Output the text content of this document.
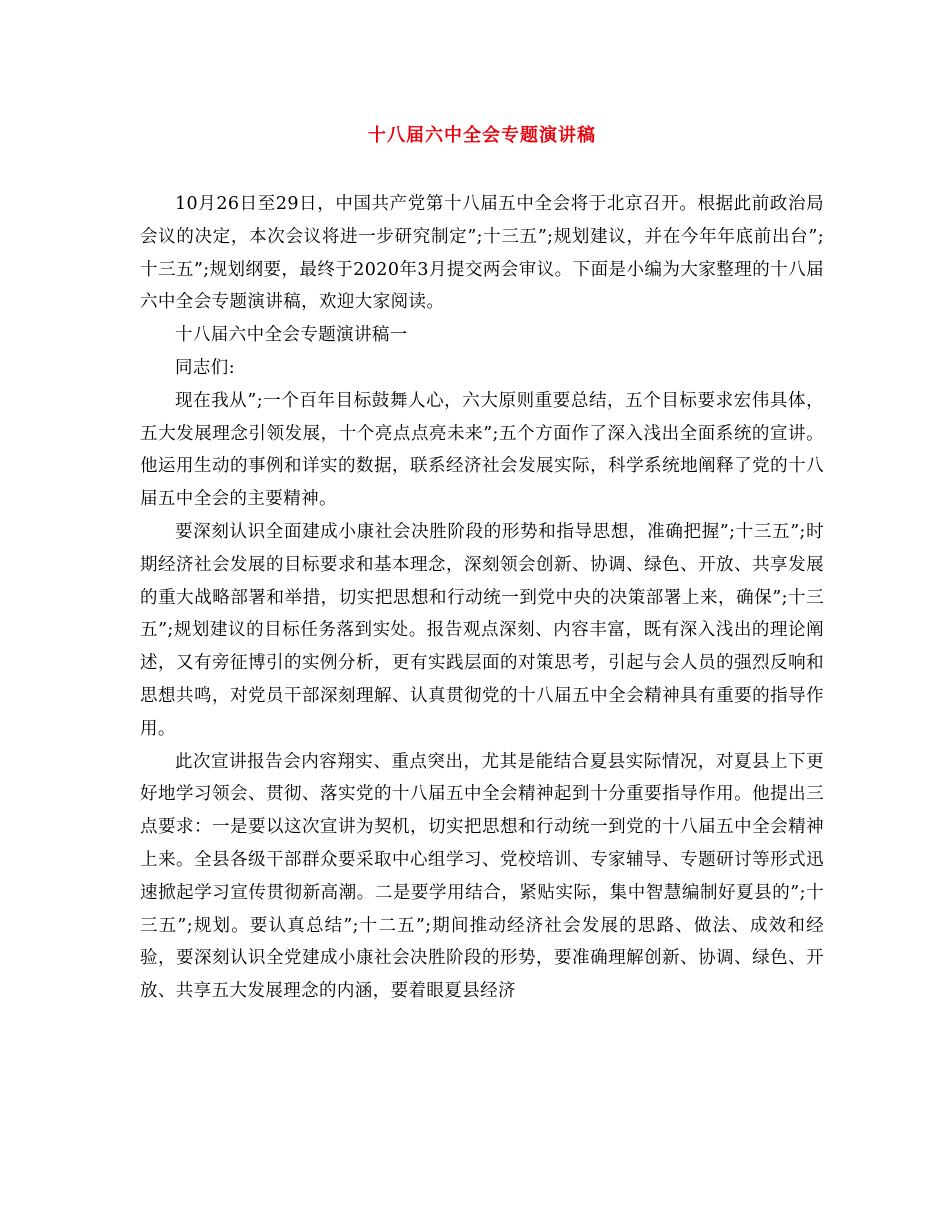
十八届六中全会专题演讲稿

10月26日至29日，中国共产党第十八届五中全会将于北京召开。根据此前政治局会议的决定，本次会议将进一步研究制定”;十三五”;规划建议，并在今年年底前出台”;十三五”;规划纲要，最终于2020年3月提交两会审议。下面是小编为大家整理的十八届六中全会专题演讲稿，欢迎大家阅读。

十八届六中全会专题演讲稿一

同志们:

现在我从”;一个百年目标鼓舞人心，六大原则重要总结，五个目标要求宏伟具体，五大发展理念引领发展，十个亮点点亮未来”;五个方面作了深入浅出全面系统的宣讲。他运用生动的事例和详实的数据，联系经济社会发展实际，科学系统地阐释了党的十八届五中全会的主要精神。

要深刻认识全面建成小康社会决胜阶段的形势和指导思想，准确把握”;十三五”;时期经济社会发展的目标要求和基本理念，深刻领会创新、协调、绿色、开放、共享发展的重大战略部署和举措，切实把思想和行动统一到党中央的决策部署上来，确保”;十三五”;规划建议的目标任务落到实处。报告观点深刻、内容丰富，既有深入浅出的理论阐述，又有旁征博引的实例分析，更有实践层面的对策思考，引起与会人员的强烈反响和思想共鸣，对党员干部深刻理解、认真贯彻党的十八届五中全会精神具有重要的指导作用。

此次宣讲报告会内容翔实、重点突出，尤其是能结合夏县实际情况，对夏县上下更好地学习领会、贯彻、落实党的十八届五中全会精神起到十分重要指导作用。他提出三点要求：一是要以这次宣讲为契机，切实把思想和行动统一到党的十八届五中全会精神上来。全县各级干部群众要采取中心组学习、党校培训、专家辅导、专题研讨等形式迅速掀起学习宣传贯彻新高潮。二是要学用结合，紧贴实际，集中智慧编制好夏县的”;十三五”;规划。要认真总结”;十二五”;期间推动经济社会发展的思路、做法、成效和经验，要深刻认识全党建成小康社会决胜阶段的形势，要准确理解创新、协调、绿色、开放、共享五大发展理念的内涵，要着眼夏县经济
